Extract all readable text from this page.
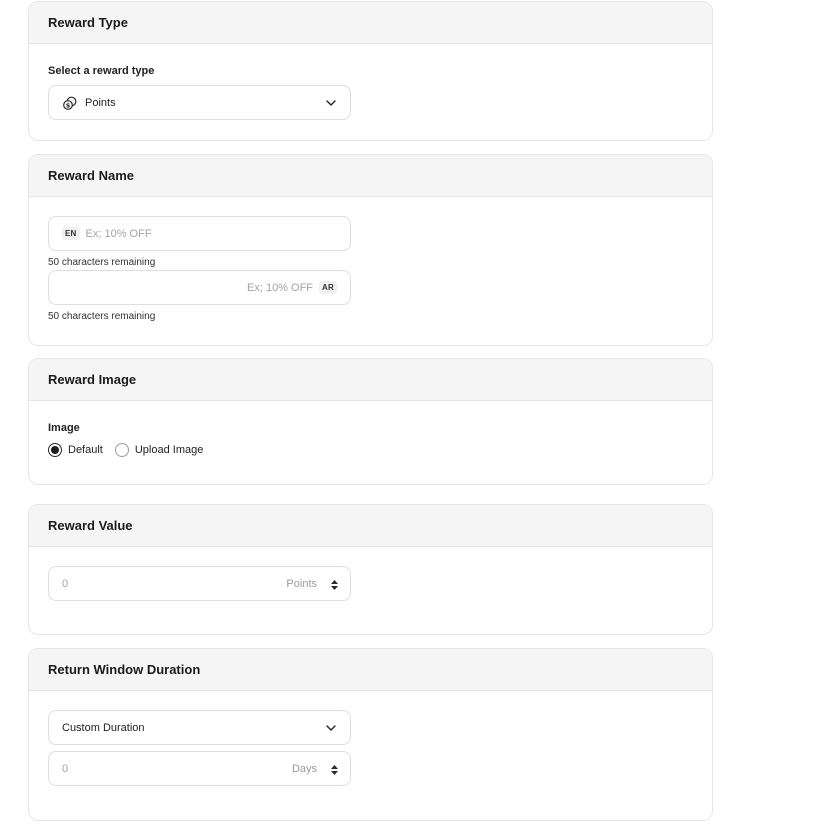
Reward Type
Select a reward type
$ Points
Reward Name
EN Ex; 10% OFF
50 characters remaining
Ex; 10% OFF	AR
50 characters remaining
Reward Image
Image
Default	Upload Image
Reward Value
0	Points
Return Window Duration
Custom Duration
0	Days
